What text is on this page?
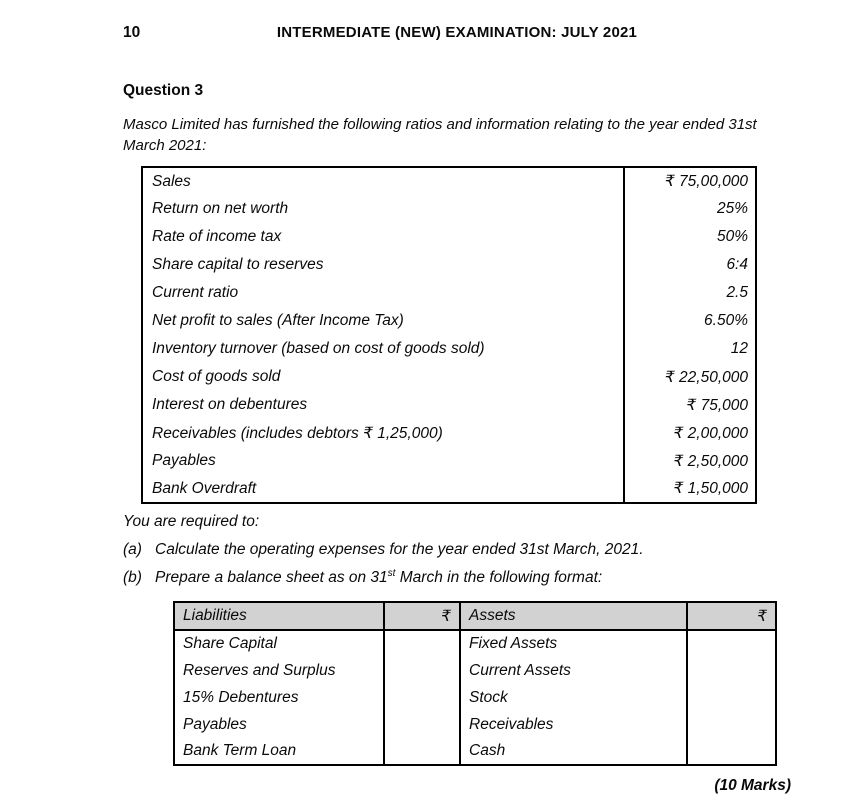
10	INTERMEDIATE (NEW) EXAMINATION: JULY 2021
Question 3

Masco Limited has furnished the following ratios and information relating to the year ended 31st
March 2021:

Sales	₹ 75,00,000
Return on net worth	25%
Rate of income tax	50%
Share capital to reserves	6:4
Current ratio	2.5
Net profit to sales (After Income Tax)	6.50%
Inventory turnover (based on cost of goods sold)	12
Cost of goods sold	₹ 22,50,000
Interest on debentures	₹ 75,000
Receivables (includes debtors ₹ 1,25,000)	₹ 2,00,000
Payables	₹ 2,50,000
Bank Overdraft	₹ 1,50,000

You are required to:

(a) Calculate the operating expenses for the year ended 31st March, 2021.
(b) Prepare a balance sheet as on 31st March in the following format:
Liabilities	₹	Assets	₹
Share Capital		Fixed Assets	
Reserves and Surplus		Current Assets	
15% Debentures		Stock	
Payables		Receivables	
Bank Term Loan		Cash	
(10 Marks)
